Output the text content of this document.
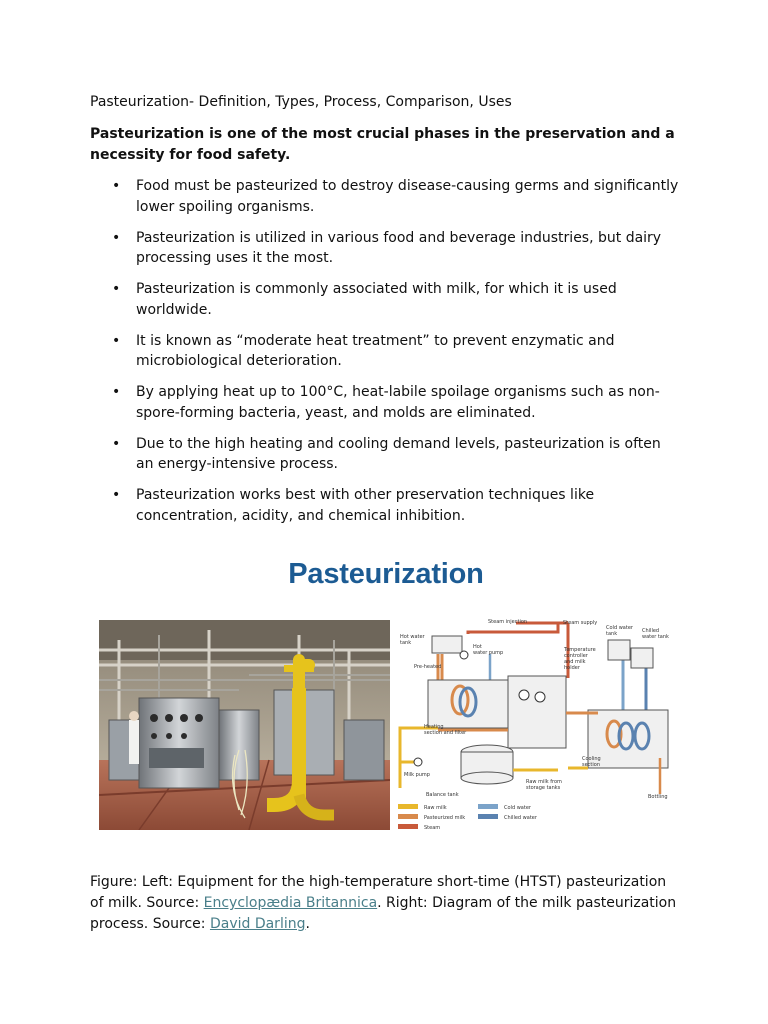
Pasteurization- Definition, Types, Process, Comparison, Uses

Pasteurization is one of the most crucial phases in the preservation and a necessity for food safety.

• Food must be pasteurized to destroy disease-causing germs and significantly lower spoiling organisms.
• Pasteurization is utilized in various food and beverage industries, but dairy processing uses it the most.
• Pasteurization is commonly associated with milk, for which it is used worldwide.
• It is known as “moderate heat treatment” to prevent enzymatic and microbiological deterioration.
• By applying heat up to 100°C, heat-labile spoilage organisms such as non-spore-forming bacteria, yeast, and molds are eliminated.
• Due to the high heating and cooling demand levels, pasteurization is often an energy-intensive process.
• Pasteurization works best with other preservation techniques like concentration, acidity, and chemical inhibition.
Pasteurization
Steam injection	Steam supply
Hot water
tank
Hot
water pump
Cold water
tank	Chilled
water tank
Pre-heated
Temperature
controller
and milk
holder
Heating
section and filter
Milk pump
Balance tank
Raw milk from
storage tanks
Cooling
section
Bottling
Raw milk
Pasteurized milk
Steam
Cold water
Chilled water

Figure: Left: Equipment for the high-temperature short-time (HTST) pasteurization of milk. Source: Encyclopædia Britannica. Right: Diagram of the milk pasteurization process. Source: David Darling.
